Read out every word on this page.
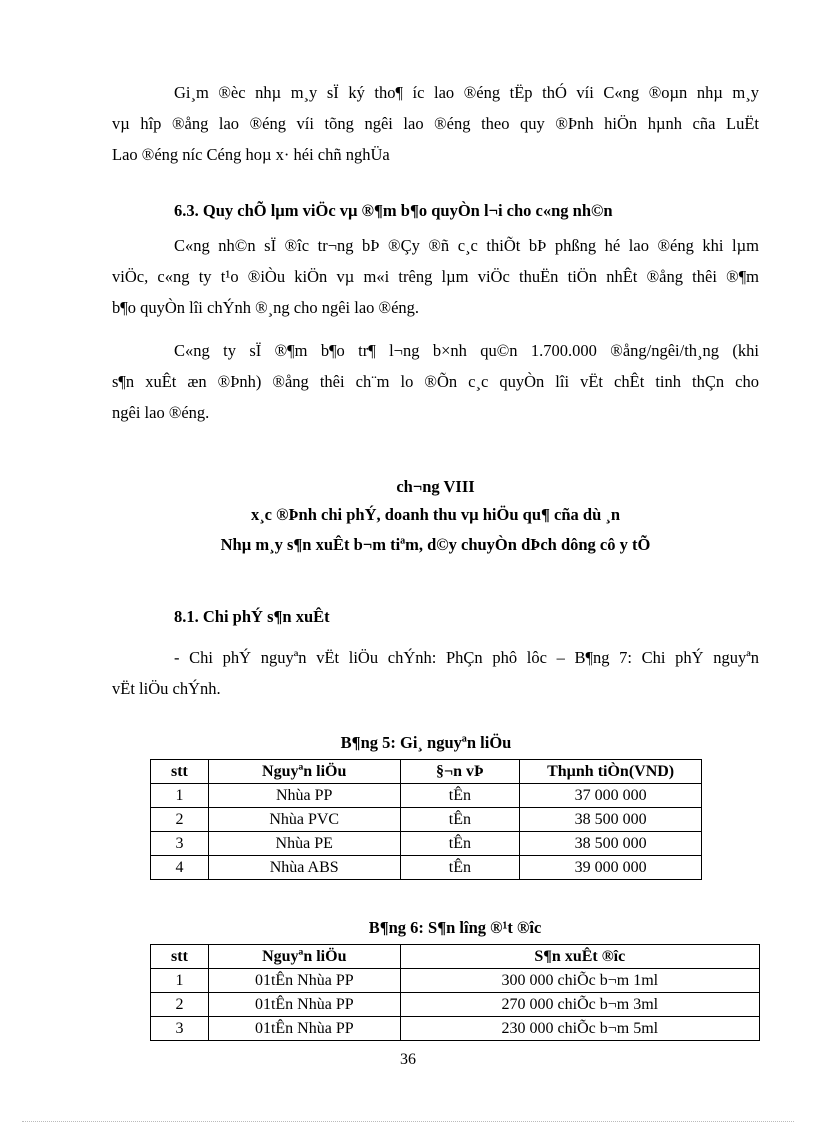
Gi¸m ®èc nhµ m¸y sÏ ký tho¶ íc lao ®éng tËp thÓ víi C«ng ®oµn nhµ m¸y
vµ hîp ®ång lao ®éng víi tõng ngêi lao ®éng theo quy ®Þnh hiÖn hµnh cña LuËt
Lao ®éng níc Céng hoµ x· héi chñ nghÜa
6.3. Quy chÕ lµm viÖc vµ ®¶m b¶o quyÒn l¬i cho c«ng nh©n
C«ng nh©n sÏ ®îc tr¬ng bÞ ®Çy ®ñ c¸c thiÕt bÞ phßng hé lao ®éng khi lµm
viÖc, c«ng ty t¹o ®iÒu kiÖn vµ m«i trêng lµm viÖc thuËn tiÖn nhÊt ®ång thêi ®¶m
b¶o quyÒn lîi chÝnh ®¸ng cho ngêi lao ®éng.
C«ng ty sÏ ®¶m b¶o tr¶ l¬ng b×nh qu©n 1.700.000 ®ång/ngêi/th¸ng (khi
s¶n xuÊt æn ®Þnh) ®ång thêi ch¨m lo ®Õn c¸c quyÒn lîi vËt chÊt tinh thÇn cho
ngêi lao ®éng.
ch¬ng VIII
x¸c ®Þnh chi phÝ, doanh thu vµ hiÖu qu¶ cña dù ¸n
Nhµ m¸y s¶n xuÊt b¬m tiªm, d©y chuyÒn dÞch dông cô y tÕ
8.1. Chi phÝ s¶n xuÊt
- Chi phÝ nguyªn vËt liÖu chÝnh: PhÇn phô lôc – B¶ng 7: Chi phÝ nguyªn
vËt liÖu chÝnh.
B¶ng 5: Gi¸ nguyªn liÖu
stt	Nguyªn liÖu	§¬n vÞ	Thµnh tiÒn(VND)
1	Nhùa PP	tÊn	37 000 000
2	Nhùa PVC	tÊn	38 500 000
3	Nhùa PE	tÊn	38 500 000
4	Nhùa ABS	tÊn	39 000 000
B¶ng 6: S¶n lîng ®¹t ®îc
stt	Nguyªn liÖu	S¶n xuÊt ®îc
1	01tÊn Nhùa PP	300 000 chiÕc b¬m 1ml
2	01tÊn Nhùa PP	270 000 chiÕc b¬m 3ml
3	01tÊn Nhùa PP	230 000 chiÕc b¬m 5ml
36
